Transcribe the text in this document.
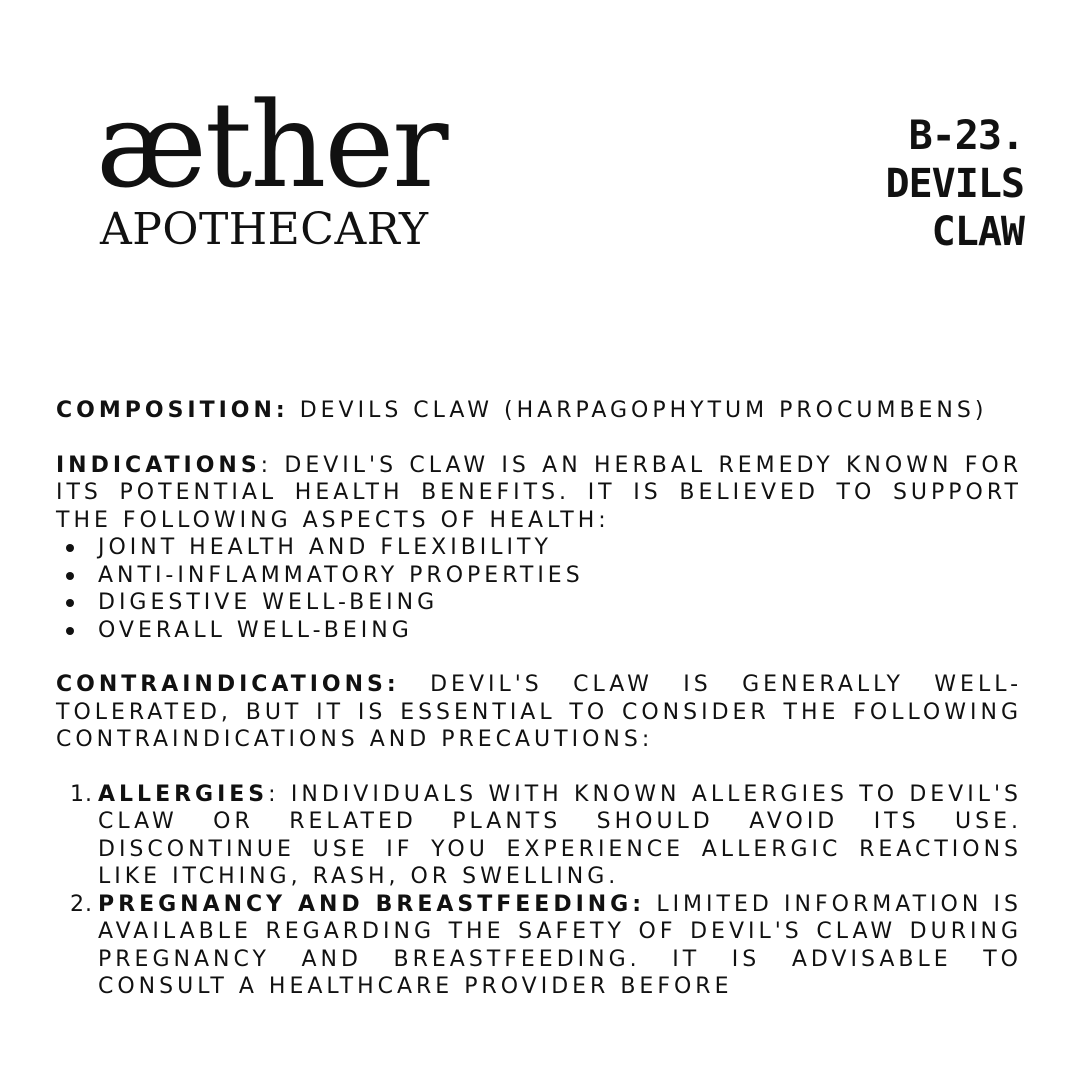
æther
APOTHECARY
B-23.
DEVILS
CLAW

COMPOSITION: DEVILS CLAW (HARPAGOPHYTUM PROCUMBENS)

INDICATIONS: DEVIL'S CLAW IS AN HERBAL REMEDY KNOWN FOR ITS POTENTIAL HEALTH BENEFITS. IT IS BELIEVED TO SUPPORT THE FOLLOWING ASPECTS OF HEALTH:

JOINT HEALTH AND FLEXIBILITY
ANTI-INFLAMMATORY PROPERTIES
DIGESTIVE WELL-BEING
OVERALL WELL-BEING

CONTRAINDICATIONS: DEVIL'S CLAW IS GENERALLY WELL-TOLERATED, BUT IT IS ESSENTIAL TO CONSIDER THE FOLLOWING CONTRAINDICATIONS AND PRECAUTIONS:

1. ALLERGIES: INDIVIDUALS WITH KNOWN ALLERGIES TO DEVIL'S CLAW OR RELATED PLANTS SHOULD AVOID ITS USE. DISCONTINUE USE IF YOU EXPERIENCE ALLERGIC REACTIONS LIKE ITCHING, RASH, OR SWELLING.
2. PREGNANCY AND BREASTFEEDING: LIMITED INFORMATION IS AVAILABLE REGARDING THE SAFETY OF DEVIL'S CLAW DURING PREGNANCY AND BREASTFEEDING. IT IS ADVISABLE TO CONSULT A HEALTHCARE PROVIDER BEFORE
